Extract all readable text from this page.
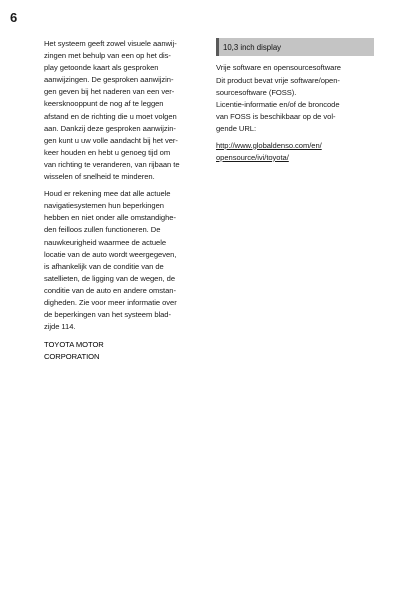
6

Het systeem geeft zowel visuele aanwij-
zingen met behulp van een op het dis-
play getoonde kaart als gesproken
aanwijzingen. De gesproken aanwijzin-
gen geven bij het naderen van een ver-
keersknooppunt de nog af te leggen
afstand en de richting die u moet volgen
aan. Dankzij deze gesproken aanwijzin-
gen kunt u uw volle aandacht bij het ver-
keer houden en hebt u genoeg tijd om
van richting te veranderen, van rijbaan te
wisselen of snelheid te minderen.

Houd er rekening mee dat alle actuele
navigatiesystemen hun beperkingen
hebben en niet onder alle omstandighe-
den feilloos zullen functioneren. De
nauwkeurigheid waarmee de actuele
locatie van de auto wordt weergegeven,
is afhankelijk van de conditie van de
satellieten, de ligging van de wegen, de
conditie van de auto en andere omstan-
digheden. Zie voor meer informatie over
de beperkingen van het systeem blad-
zijde 114.

TOYOTA MOTOR
CORPORATION

10,3 inch display

Vrije software en opensourcesoftware

Dit product bevat vrije software/open-
sourcesoftware (FOSS).
Licentie-informatie en/of de broncode
van FOSS is beschikbaar op de vol-
gende URL:

http://www.globaldenso.com/en/
opensource/ivi/toyota/
